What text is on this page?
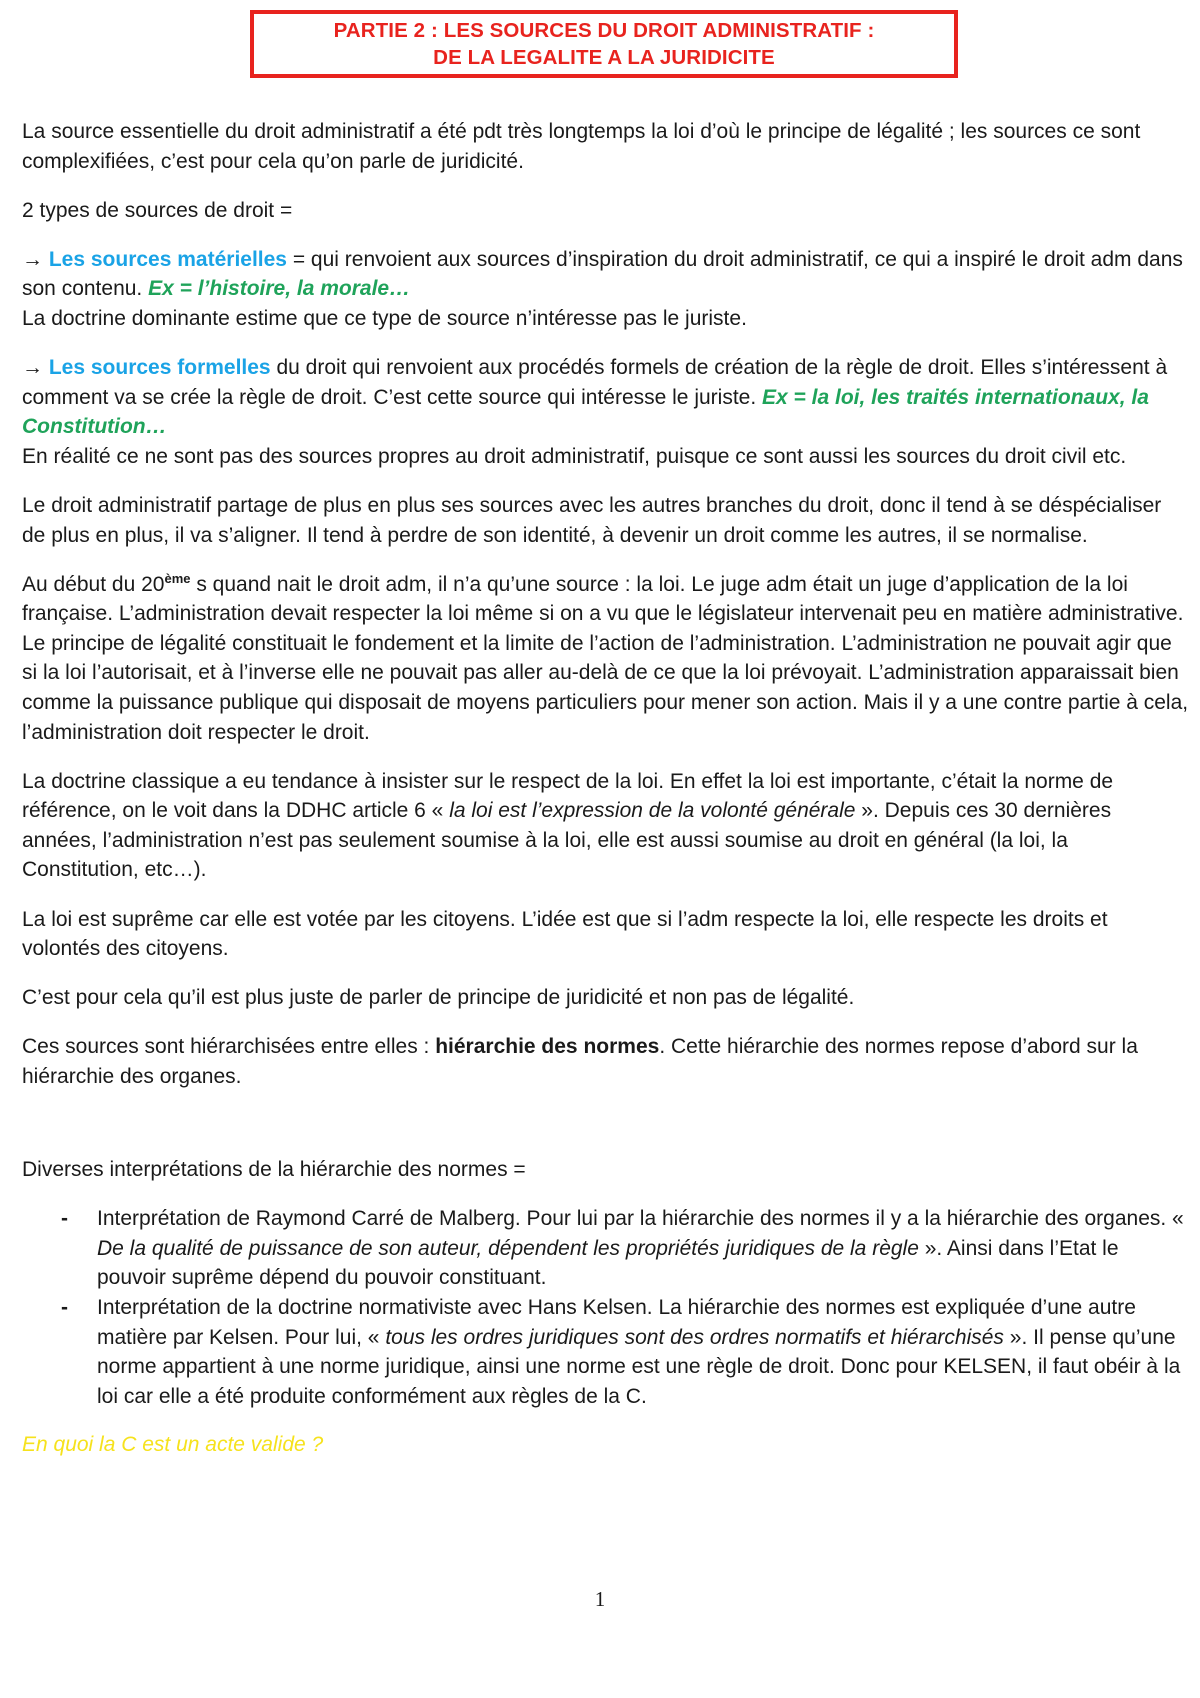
PARTIE 2 : LES SOURCES DU DROIT ADMINISTRATIF :
DE LA LEGALITE A LA JURIDICITE

La source essentielle du droit administratif a été pdt très longtemps la loi d’où le principe de légalité ; les sources ce sont complexifiées, c’est pour cela qu’on parle de juridicité.

2 types de sources de droit =

→ Les sources matérielles = qui renvoient aux sources d’inspiration du droit administratif, ce qui a inspiré le droit adm dans son contenu. Ex = l’histoire, la morale…
La doctrine dominante estime que ce type de source n’intéresse pas le juriste.

→ Les sources formelles du droit qui renvoient aux procédés formels de création de la règle de droit. Elles s’intéressent à comment va se crée la règle de droit. C’est cette source qui intéresse le juriste. Ex = la loi, les traités internationaux, la Constitution…
En réalité ce ne sont pas des sources propres au droit administratif, puisque ce sont aussi les sources du droit civil etc.

Le droit administratif partage de plus en plus ses sources avec les autres branches du droit, donc il tend à se déspécialiser de plus en plus, il va s’aligner. Il tend à perdre de son identité, à devenir un droit comme les autres, il se normalise.

Au début du 20ème s quand nait le droit adm, il n’a qu’une source : la loi. Le juge adm était un juge d’application de la loi française. L’administration devait respecter la loi même si on a vu que le législateur intervenait peu en matière administrative. Le principe de légalité constituait le fondement et la limite de l’action de l’administration. L’administration ne pouvait agir que si la loi l’autorisait, et à l’inverse elle ne pouvait pas aller au-delà de ce que la loi prévoyait. L’administration apparaissait bien comme la puissance publique qui disposait de moyens particuliers pour mener son action. Mais il y a une contre partie à cela, l’administration doit respecter le droit.

La doctrine classique a eu tendance à insister sur le respect de la loi. En effet la loi est importante, c’était la norme de référence, on le voit dans la DDHC article 6 « la loi est l’expression de la volonté générale ». Depuis ces 30 dernières années, l’administration n’est pas seulement soumise à la loi, elle est aussi soumise au droit en général (la loi, la Constitution, etc…).

La loi est suprême car elle est votée par les citoyens. L’idée est que si l’adm respecte la loi, elle respecte les droits et volontés des citoyens.

C’est pour cela qu’il est plus juste de parler de principe de juridicité et non pas de légalité.

Ces sources sont hiérarchisées entre elles : hiérarchie des normes. Cette hiérarchie des normes repose d’abord sur la hiérarchie des organes.

Diverses interprétations de la hiérarchie des normes =

- Interprétation de Raymond Carré de Malberg. Pour lui par la hiérarchie des normes il y a la hiérarchie des organes. « De la qualité de puissance de son auteur, dépendent les propriétés juridiques de la règle ». Ainsi dans l’Etat le pouvoir suprême dépend du pouvoir constituant.
- Interprétation de la doctrine normativiste avec Hans Kelsen. La hiérarchie des normes est expliquée d’une autre matière par Kelsen. Pour lui, « tous les ordres juridiques sont des ordres normatifs et hiérarchisés ». Il pense qu’une norme appartient à une norme juridique, ainsi une norme est une règle de droit. Donc pour KELSEN, il faut obéir à la loi car elle a été produite conformément aux règles de la C.

En quoi la C est un acte valide ?

1
